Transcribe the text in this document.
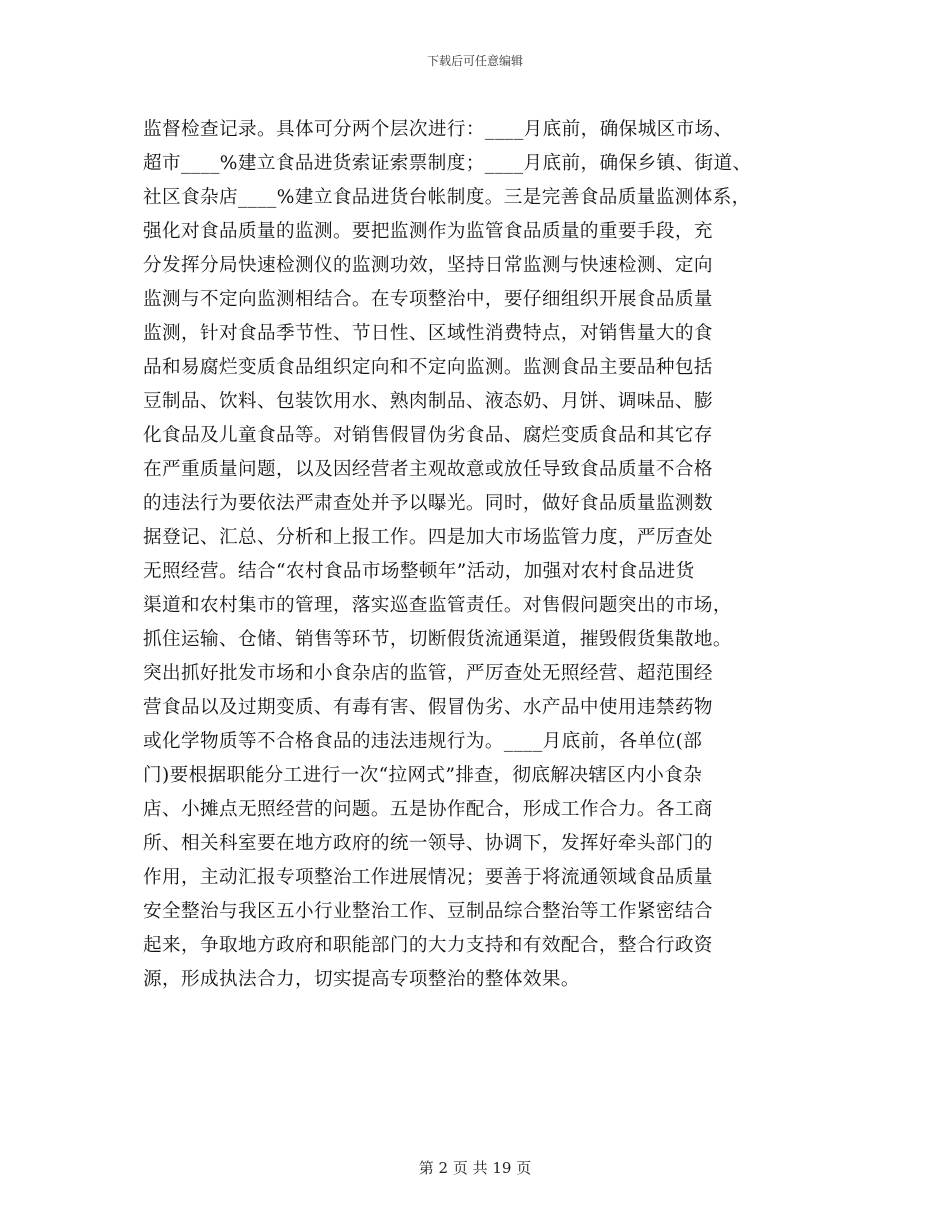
下载后可任意编辑
监督检查记录。具体可分两个层次进行：____月底前，确保城区市场、
超市____%建立食品进货索证索票制度；____月底前，确保乡镇、街道、
社区食杂店____%建立食品进货台帐制度。三是完善食品质量监测体系，
强化对食品质量的监测。要把监测作为监管食品质量的重要手段，充
分发挥分局快速检测仪的监测功效，坚持日常监测与快速检测、定向
监测与不定向监测相结合。在专项整治中，要仔细组织开展食品质量
监测，针对食品季节性、节日性、区域性消费特点，对销售量大的食
品和易腐烂变质食品组织定向和不定向监测。监测食品主要品种包括
豆制品、饮料、包装饮用水、熟肉制品、液态奶、月饼、调味品、膨
化食品及儿童食品等。对销售假冒伪劣食品、腐烂变质食品和其它存
在严重质量问题，以及因经营者主观故意或放任导致食品质量不合格
的违法行为要依法严肃查处并予以曝光。同时，做好食品质量监测数
据登记、汇总、分析和上报工作。四是加大市场监管力度，严厉查处
无照经营。结合“农村食品市场整顿年”活动，加强对农村食品进货
渠道和农村集市的管理，落实巡查监管责任。对售假问题突出的市场，
抓住运输、仓储、销售等环节，切断假货流通渠道，摧毁假货集散地。
突出抓好批发市场和小食杂店的监管，严厉查处无照经营、超范围经
营食品以及过期变质、有毒有害、假冒伪劣、水产品中使用违禁药物
或化学物质等不合格食品的违法违规行为。____月底前，各单位(部
门)要根据职能分工进行一次“拉网式”排查，彻底解决辖区内小食杂
店、小摊点无照经营的问题。五是协作配合，形成工作合力。各工商
所、相关科室要在地方政府的统一领导、协调下，发挥好牵头部门的
作用，主动汇报专项整治工作进展情况；要善于将流通领域食品质量
安全整治与我区五小行业整治工作、豆制品综合整治等工作紧密结合
起来，争取地方政府和职能部门的大力支持和有效配合，整合行政资
源，形成执法合力，切实提高专项整治的整体效果。
第 2 页 共 19 页
